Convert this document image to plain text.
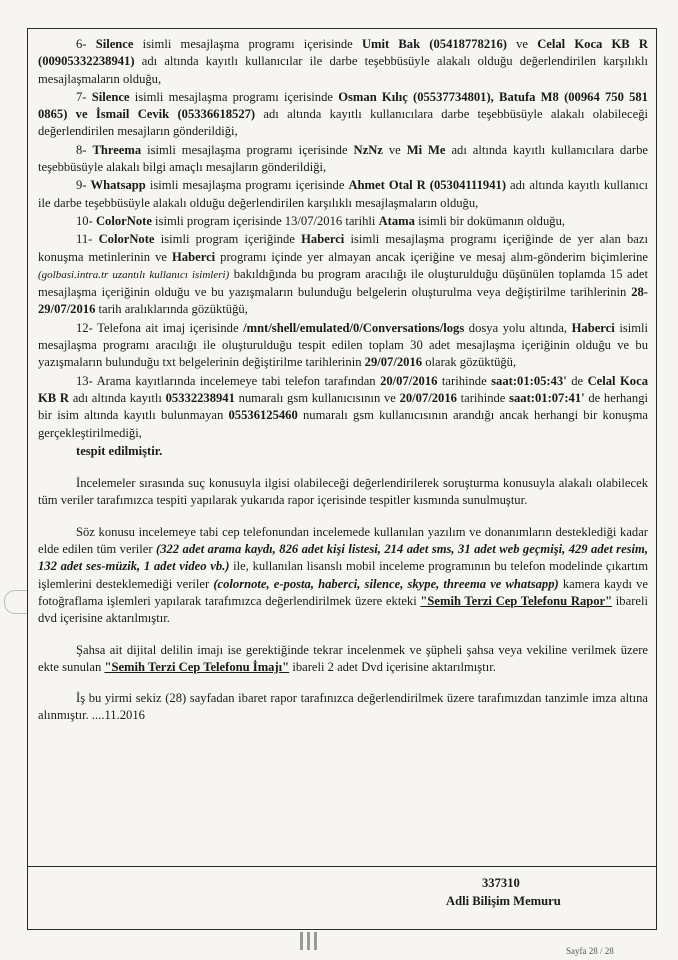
6- Silence isimli mesajlaşma programı içerisinde Umit Bak (05418778216) ve Celal Koca KB R (00905332238941) adı altında kayıtlı kullanıcılar ile darbe teşebbüsüyle alakalı olduğu değerlendirilen karşılıklı mesajlaşmaların olduğu,
7- Silence isimli mesajlaşma programı içerisinde Osman Kılıç (05537734801), Batufa M8 (00964 750 581 0865) ve İsmail Cevik (05336618527) adı altında kayıtlı kullanıcılara darbe teşebbüsüyle alakalı olabileceği değerlendirilen mesajların gönderildiği,
8- Threema isimli mesajlaşma programı içerisinde NzNz ve Mi Me adı altında kayıtlı kullanıcılara darbe teşebbüsüyle alakalı bilgi amaçlı mesajların gönderildiği,
9- Whatsapp isimli mesajlaşma programı içerisinde Ahmet Otal R (05304111941) adı altında kayıtlı kullanıcı ile darbe teşebbüsüyle alakalı olduğu değerlendirilen karşılıklı mesajlaşmaların olduğu,
10- ColorNote isimli program içerisinde 13/07/2016 tarihli Atama isimli bir dokümanın olduğu,
11- ColorNote isimli program içeriğinde Haberci isimli mesajlaşma programı içeriğinde de yer alan bazı konuşma metinlerinin ve Haberci programı içinde yer almayan ancak içeriğine ve mesaj alım-gönderim biçimlerine (golbasi.intra.tr uzantılı kullanıcı isimleri) bakıldığında bu program aracılığı ile oluşturulduğu düşünülen toplamda 15 adet mesajlaşma içeriğinin olduğu ve bu yazışmaların bulunduğu belgelerin oluşturulma veya değiştirilme tarihlerinin 28-29/07/2016 tarih aralıklarında gözüktüğü,
12- Telefona ait imaj içerisinde /mnt/shell/emulated/0/Conversations/logs dosya yolu altında, Haberci isimli mesajlaşma programı aracılığı ile oluşturulduğu tespit edilen toplam 30 adet mesajlaşma içeriğinin olduğu ve bu yazışmaların bulunduğu txt belgelerinin değiştirilme tarihlerinin 29/07/2016 olarak gözüktüğü,
13- Arama kayıtlarında incelemeye tabi telefon tarafından 20/07/2016 tarihinde saat:01:05:43' de Celal Koca KB R adı altında kayıtlı 05332238941 numaralı gsm kullanıcısının ve 20/07/2016 tarihinde saat:01:07:41' de herhangi bir isim altında kayıtlı bulunmayan 05536125460 numaralı gsm kullanıcısının arandığı ancak herhangi bir konuşma gerçekleştirilmediği,
tespit edilmiştir.

İncelemeler sırasında suç konusuyla ilgisi olabileceği değerlendirilerek soruşturma konusuyla alakalı olabilecek tüm veriler tarafımızca tespiti yapılarak yukarıda rapor içerisinde tespitler kısmında sunulmuştur.

Söz konusu incelemeye tabi cep telefonundan incelemede kullanılan yazılım ve donanımların desteklediği kadar elde edilen tüm veriler (322 adet arama kaydı, 826 adet kişi listesi, 214 adet sms, 31 adet web geçmişi, 429 adet resim, 132 adet ses-müzik, 1 adet video vb.) ile, kullanılan lisanslı mobil inceleme programının bu telefon modelinde çıkartım işlemlerini desteklemediği veriler (colornote, e-posta, haberci, silence, skype, threema ve whatsapp) kamera kaydı ve fotoğraflama işlemleri yapılarak tarafımızca değerlendirilmek üzere ekteki "Semih Terzi Cep Telefonu Rapor" ibareli dvd içerisine aktarılmıştır.

Şahsa ait dijital delilin imajı ise gerektiğinde tekrar incelenmek ve şüpheli şahsa veya vekiline verilmek üzere ekte sunulan "Semih Terzi Cep Telefonu İmajı" ibareli 2 adet Dvd içerisine aktarılmıştır.

İş bu yirmi sekiz (28) sayfadan ibaret rapor tarafınızca değerlendirilmek üzere tarafımızdan tanzimle imza altına alınmıştır. ....11.2016

337310
Adli Bilişim Memuru
Sayfa 28 / 28
